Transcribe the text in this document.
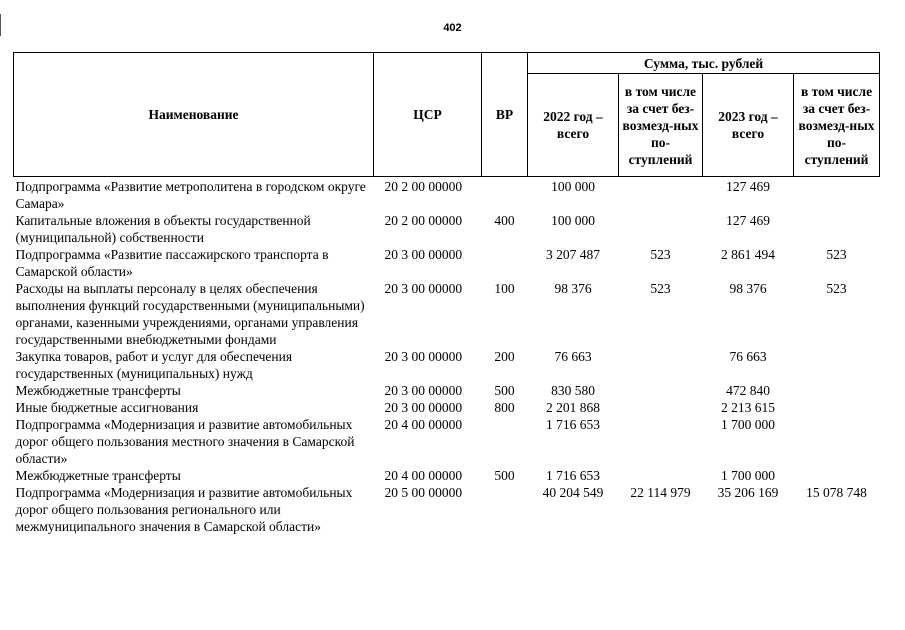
402
Наименование	ЦСР	ВР	Сумма, тыс. рублей			
			2022 год – всего	в том числе за счет без-возмезд-ных по-ступлений	2023 год – всего	в том числе за счет без-возмезд-ных по-ступлений
Подпрограмма «Развитие метрополитена в городском округе Самара»	20 2 00 00000		100 000		127 469	
Капитальные вложения в объекты государственной (муниципальной) собственности	20 2 00 00000	400	100 000		127 469	
Подпрограмма «Развитие пассажирского транспорта в Самарской области»	20 3 00 00000		3 207 487	523	2 861 494	523
Расходы на выплаты персоналу в целях обеспечения выполнения функций государственными (муниципальными) органами, казенными учреждениями, органами управления государственными внебюджетными фондами	20 3 00 00000	100	98 376	523	98 376	523
Закупка товаров, работ и услуг для обеспечения государственных (муниципальных) нужд	20 3 00 00000	200	76 663		76 663	
Межбюджетные трансферты	20 3 00 00000	500	830 580		472 840	
Иные бюджетные ассигнования	20 3 00 00000	800	2 201 868		2 213 615	
Подпрограмма «Модернизация и развитие автомобильных дорог общего пользования местного значения в Самарской области»	20 4 00 00000		1 716 653		1 700 000	
Межбюджетные трансферты	20 4 00 00000	500	1 716 653		1 700 000	
Подпрограмма «Модернизация и развитие автомобильных дорог общего пользования регионального или межмуниципального значения в Самарской области»	20 5 00 00000		40 204 549	22 114 979	35 206 169	15 078 748
